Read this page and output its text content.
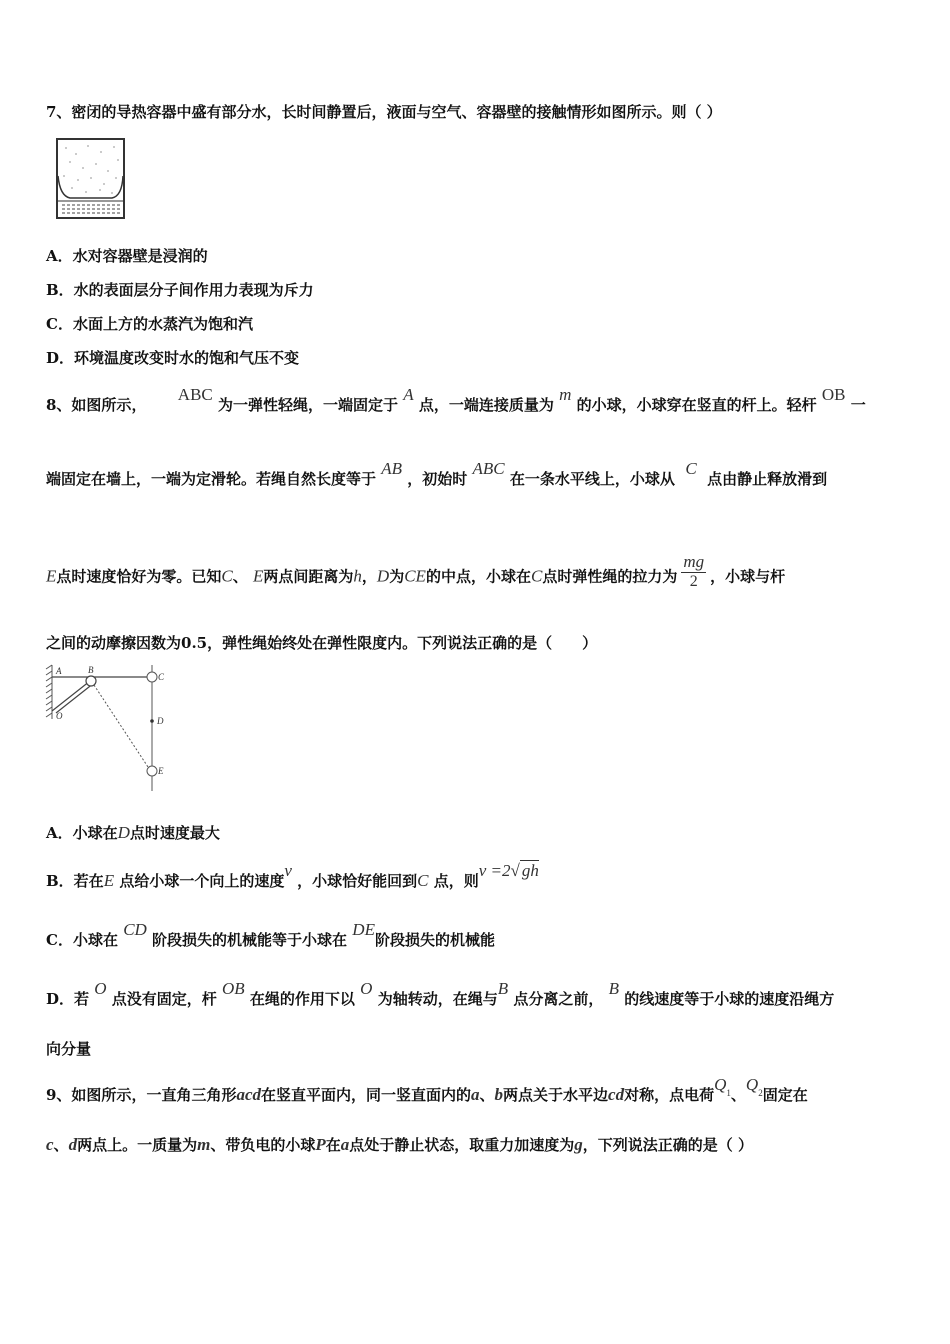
7、密闭的导热容器中盛有部分水，长时间静置后，液面与空气、容器壁的接触情形如图所示。则（ ）
A．水对容器壁是浸润的
B．水的表面层分子间作用力表现为斥力
C．水面上方的水蒸汽为饱和汽
D．环境温度改变时水的饱和气压不变
8、如图所示，      ABC 为一弹性轻绳，一端固定于 A 点，一端连接质量为 m 的小球，小球穿在竖直的杆上。轻杆 OB 一
端固定在墙上，一端为定滑轮。若绳自然长度等于 AB ，初始时 ABC 在一条水平线上，小球从  C  点由静止释放滑到
E点时速度恰好为零。已知C、 E两点间距离为h，D为CE的中点，小球在C点时弹性绳的拉力为 $\frac{mg}{2}$ ，小球与杆
之间的动摩擦因数为0.5，弹性绳始终处在弹性限度内。下列说法正确的是（　　）
A	B
C
D
E
O
A．小球在D点时速度最大
B．若在E 点给小球一个向上的速度v ，小球恰好能回到C 点，则v =2√ gh
C．小球在 CD 阶段损失的机械能等于小球在 DE阶段损失的机械能
D．若 O 点没有固定，杆 OB 在绳的作用下以 O 为轴转动，在绳与B 点分离之前， B 的线速度等于小球的速度沿绳方
向分量
9、如图所示，一直角三角形acd在竖直平面内，同一竖直面内的a、b两点关于水平边cd对称，点电荷$Q_1$、$Q_2$固定在
c、d两点上。一质量为m、带负电的小球P在a点处于静止状态，取重力加速度为g，下列说法正确的是（ ）
